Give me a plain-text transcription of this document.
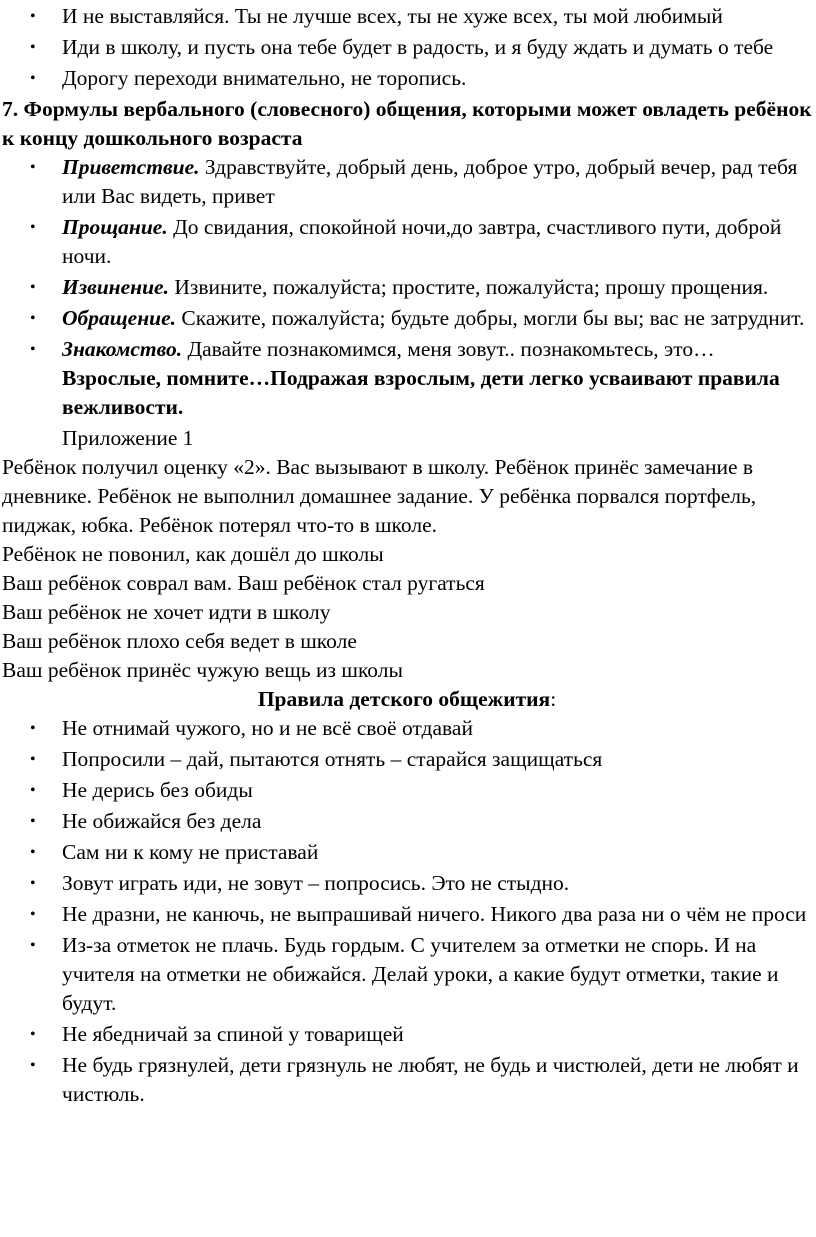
• И не выставляйся. Ты не лучше всех, ты не хуже всех, ты мой любимый
• Иди в школу, и пусть она тебе будет в радость, и я буду ждать и думать о тебе
• Дорогу переходи внимательно, не торопись.

7. Формулы вербального (словесного) общения, которыми может овладеть ребёнок к концу дошкольного возраста

• Приветствие. Здравствуйте, добрый день, доброе утро, добрый вечер, рад тебя или Вас видеть, привет
• Прощание. До свидания, спокойной ночи,до завтра, счастливого пути, доброй ночи.
• Извинение. Извините, пожалуйста; простите, пожалуйста; прошу прощения.
• Обращение. Скажите, пожалуйста; будьте добры, могли бы вы; вас не затруднит.
• Знакомство. Давайте познакомимся, меня зовут.. познакомьтесь, это…Взрослые, помните…Подражая взрослым, дети легко усваивают правила вежливости.

Приложение 1

Ребёнок получил оценку «2». Вас вызывают в школу. Ребёнок принёс замечание в дневнике. Ребёнок не выполнил домашнее задание. У ребёнка порвался портфель, пиджак, юбка. Ребёнок потерял что-то в школе.

Ребёнок не повонил, как дошёл до школы

Ваш ребёнок соврал вам. Ваш ребёнок стал ругаться

Ваш ребёнок не хочет идти в школу

Ваш ребёнок плохо себя ведет в школе

Ваш ребёнок принёс чужую вещь из школы

Правила детского общежития:

• Не отнимай чужого, но и не всё своё отдавай
• Попросили – дай, пытаются отнять – старайся защищаться
• Не дерись без обиды
• Не обижайся без дела
• Сам ни к кому не приставай
• Зовут играть иди, не зовут – попросись. Это не стыдно.
• Не дразни, не канючь, не выпрашивай ничего. Никого два раза ни о чём не проси
• Из-за отметок не плачь. Будь гордым. С учителем за отметки не спорь. И на учителя на отметки не обижайся. Делай уроки, а какие будут отметки, такие и будут.
• Не ябедничай за спиной у товарищей
• Не будь грязнулей, дети грязнуль не любят, не будь и чистюлей, дети не любят и чистюль.
